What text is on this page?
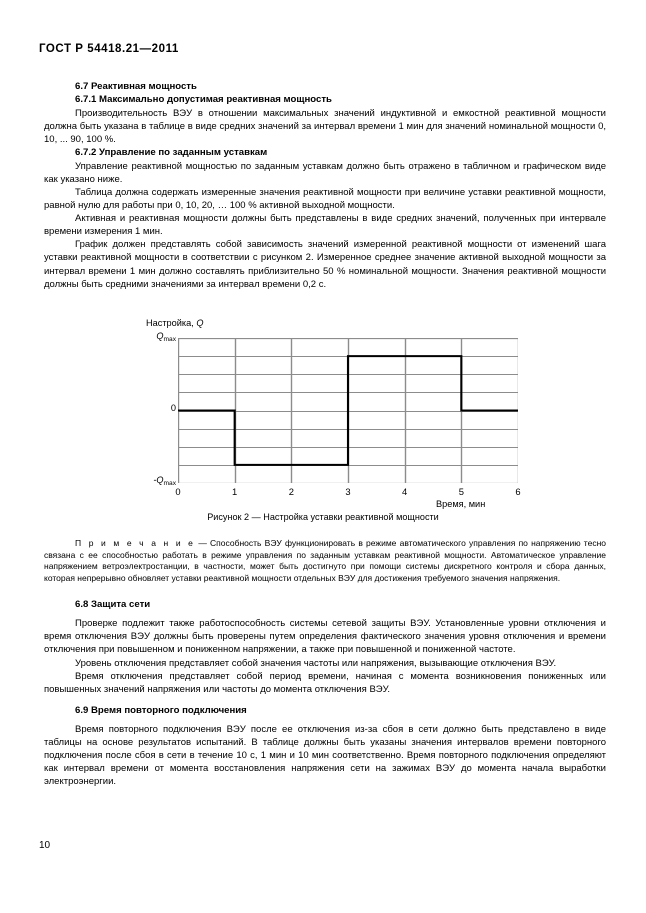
ГОСТ Р 54418.21—2011
6.7 Реактивная мощность
6.7.1 Максимально допустимая реактивная мощность

Производительность ВЭУ в отношении максимальных значений индуктивной и емкостной реактивной мощности должна быть указана в таблице в виде средних значений за интервал времени 1 мин для значений номинальной мощности 0, 10, ... 90, 100 %.

6.7.2 Управление по заданным уставкам

Управление реактивной мощностью по заданным уставкам должно быть отражено в табличном и графическом виде как указано ниже.

Таблица должна содержать измеренные значения реактивной мощности при величине уставки реактивной мощности, равной нулю для работы при 0, 10, 20, … 100 % активной выходной мощности.

Активная и реактивная мощности должны быть представлены в виде средних значений, полученных при интервале времени измерения 1 мин.

График должен представлять собой зависимость значений измеренной реактивной мощности от изменений шага уставки реактивной мощности в соответствии с рисунком 2. Измеренное среднее значение активной выходной мощности за интервал времени 1 мин должно составлять приблизительно 50 % номинальной мощности. Значения реактивной мощности должны быть средними значениями за интервал времени 0,2 с.

Настройка, Q
$Q_{max}$
0
$-Q_{max}$
0	1	2	3	4	5	6
Время, мин
Рисунок 2 — Настройка уставки реактивной мощности

П р и м е ч а н и е — Способность ВЭУ функционировать в режиме автоматического управления по напряжению тесно связана с ее способностью работать в режиме управления по заданным уставкам реактивной мощности. Автоматическое управление напряжением ветроэлектростанции, в частности, может быть достигнуто при помощи системы дискретного контроля и сбора данных, которая непрерывно обновляет уставки реактивной мощности отдельных ВЭУ для достижения требуемого значения напряжения.

6.8 Защита сети

Проверке подлежит также работоспособность системы сетевой защиты ВЭУ. Установленные уровни отключения и время отключения ВЭУ должны быть проверены путем определения фактического значения уровня отключения и времени отключения при повышенном и пониженном напряжении, а также при повышенной и пониженной частоте.

Уровень отключения представляет собой значения частоты или напряжения, вызывающие отключения ВЭУ.

Время отключения представляет собой период времени, начиная с момента возникновения пониженных или повышенных значений напряжения или частоты до момента отключения ВЭУ.

6.9 Время повторного подключения

Время повторного подключения ВЭУ после ее отключения из-за сбоя в сети должно быть представлено в виде таблицы на основе результатов испытаний. В таблице должны быть указаны значения интервалов времени повторного подключения после сбоя в сети в течение 10 с, 1 мин и 10 мин соответственно. Время повторного подключения определяют как интервал времени от момента восстановления напряжения сети на зажимах ВЭУ до момента начала выработки электроэнергии.

10
